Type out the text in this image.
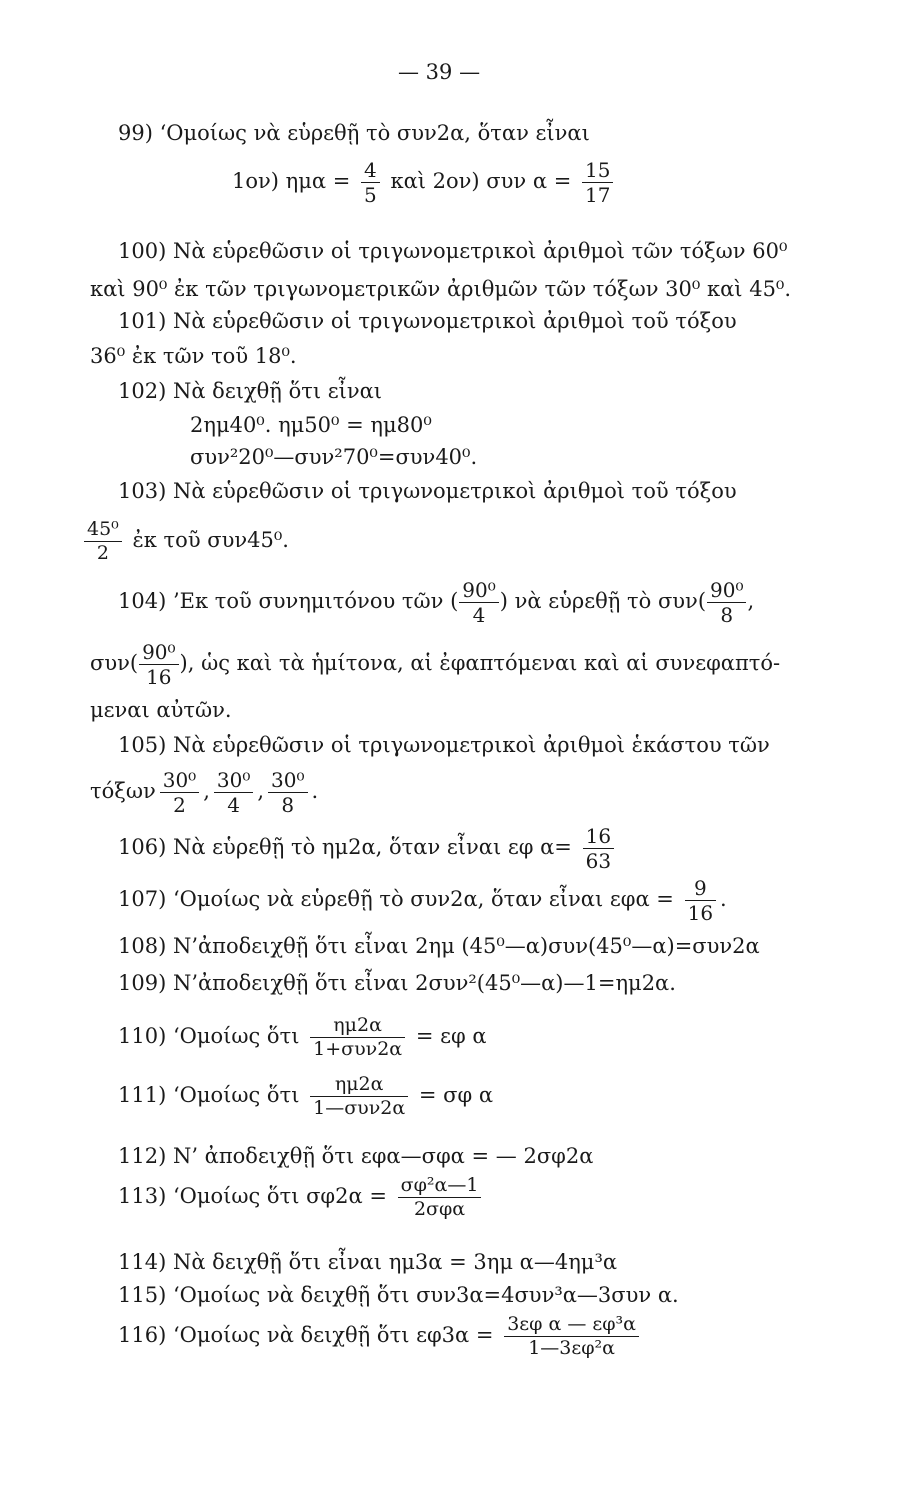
— 39 —
99) ‘Ομοίως νὰ εὑρεθῇ τὸ συν2α, ὅταν εἶναι
1ον) $\eta\mu\alpha = \frac{4}{5}$ καὶ 2ον) συν $\alpha = \frac{15}{17}$
100) Νὰ εὑρεθῶσιν οἱ τριγωνομετρικοὶ ἀριθμοὶ τῶν τόξων 60⁰
καὶ 90⁰ ἐκ τῶν τριγωνομετρικῶν ἀριθμῶν τῶν τόξων 30⁰ καὶ 45⁰.
101) Νὰ εὑρεθῶσιν οἱ τριγωνομετρικοὶ ἀριθμοὶ τοῦ τόξου
36⁰ ἐκ τῶν τοῦ 18⁰.
102) Νὰ δειχθῇ ὅτι εἶναι
2ημ40⁰. ημ50⁰ = ημ80⁰
συν²20⁰—συν²70⁰=συν40⁰.
103) Νὰ εὑρεθῶσιν οἱ τριγωνομετρικοὶ ἀριθμοὶ τοῦ τόξου
$\frac{\text{45⁰}}{2}$ ἐκ τοῦ συν45⁰.
104) ’Εκ τοῦ συνημιτόνου τῶν ( $\frac{\text{90⁰}}{4}$ ) νὰ εὑρεθῇ τὸ $\sigma\upsilon\nu( \frac{\text{90⁰}}{8}$ ,
$\sigma\upsilon\nu( \frac{\text{90⁰}}{16}$ ), ὡς καὶ τὰ ἡμίτονα, αἱ ἐφαπτόμεναι καὶ αἱ συνεφαπτό-
μεναι αὐτῶν.
105) Νὰ εὑρεθῶσιν οἱ τριγωνομετρικοὶ ἀριθμοὶ ἑκάστου τῶν
τόξων $\frac{\text{30⁰}}{2}$ , $\frac{\text{30⁰}}{4}$ , $\frac{\text{30⁰}}{8}$ .
106) Νὰ εὑρεθῇ τὸ ημ2α, ὅταν εἶναι εφ $\alpha= \frac{16}{63}$
107) ‘Ομοίως νὰ εὑρεθῇ τὸ συν2α, ὅταν εἶναι $\varepsilon\varphi\alpha = \frac{9}{16}$ .
108) Ν’ἀποδειχθῇ ὅτι εἶναι 2ημ (45⁰—α)συν(45⁰—α)=συν2α
109) Ν’ἀποδειχθῇ ὅτι εἶναι 2συν²(45⁰—α)—1=ημ2α.
110) ‘Ομοίως ὅτι $\frac{\eta\mu 2\alpha}{\text{1+συν2α}} = \varepsilon\varphi$ α
111) ‘Ομοίως ὅτι $\frac{\eta\mu 2\alpha}{\text{1—συν2α}} = \sigma\varphi$ α
112) Ν’ ἀποδειχθῇ ὅτι εφα—σφα = — 2σφ2α
113) ‘Ομοίως ὅτι $\sigma\varphi 2\alpha = \frac{\text{σφ²α—1}}{\text{2σφα}}$
114) Νὰ δειχθῇ ὅτι εἶναι ημ3α = 3ημ α—4ημ³α
115) ‘Ομοίως νὰ δειχθῇ ὅτι συν3α=4συν³α—3συν α.
116) ‘Ομοίως νὰ δειχθῇ ὅτι $\varepsilon\varphi 3\alpha = \frac{\text{3εφ α — εφ³α}}{\text{1—3εφ²α}}$
